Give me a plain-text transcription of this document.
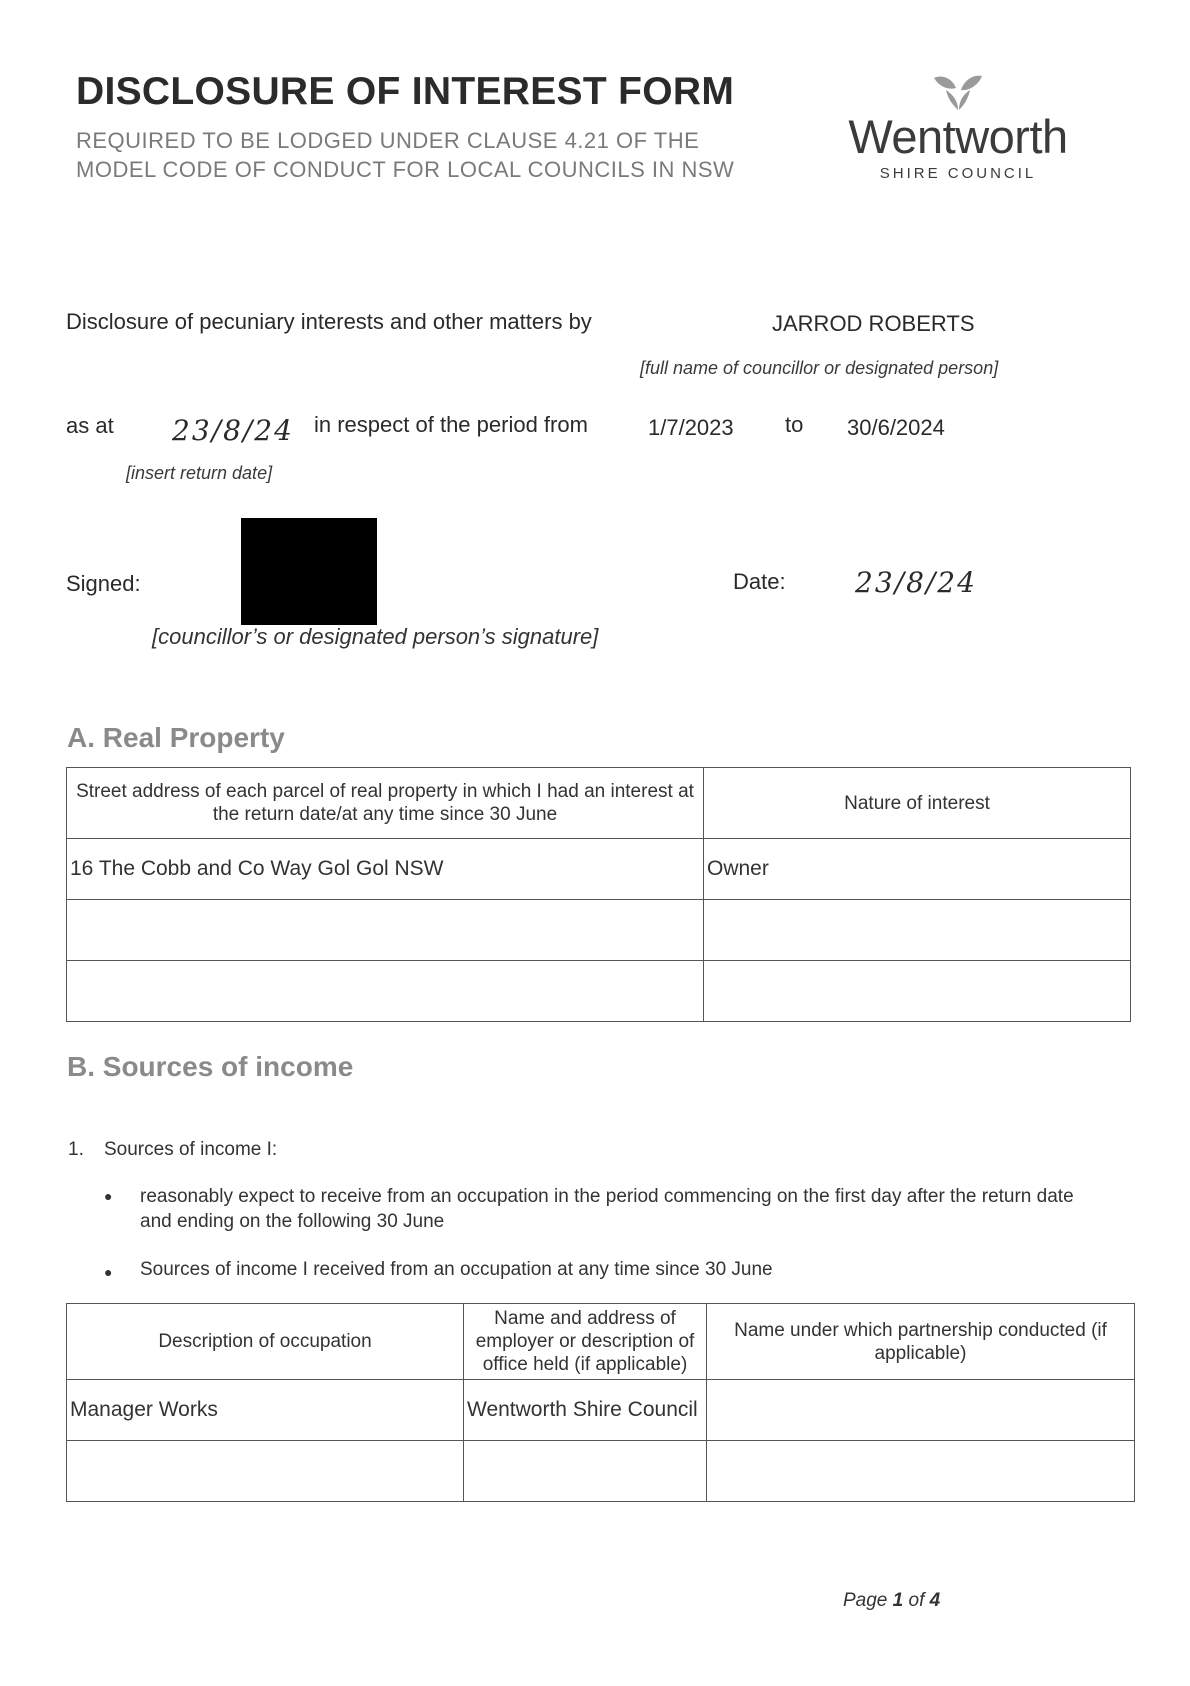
DISCLOSURE OF INTEREST FORM
REQUIRED TO BE LODGED UNDER CLAUSE 4.21 OF THE MODEL CODE OF CONDUCT FOR LOCAL COUNCILS IN NSW
Wentworth
SHIRE COUNCIL
Disclosure of pecuniary interests and other matters by	JARROD ROBERTS
[full name of councillor or designated person]
as at 23/8/24
[insert return date]
in respect of the period from	1/7/2023 to 30/6/2024
Signed:
[councillor’s or designated person’s signature]
Date: 23/8/24
A. Real Property
Street address of each parcel of real property in which I had an interest at the return date/at any time since 30 June	Nature of interest
16 The Cobb and Co Way Gol Gol NSW	Owner

B. Sources of income
1. Sources of income I:
● reasonably expect to receive from an occupation in the period commencing on the first day after the return date and ending on the following 30 June
● Sources of income I received from an occupation at any time since 30 June
Description of occupation	Name and address of employer or description of office held (if applicable)	Name under which partnership conducted (if applicable)
Manager Works	Wentworth Shire Council	

Page 1 of 4
